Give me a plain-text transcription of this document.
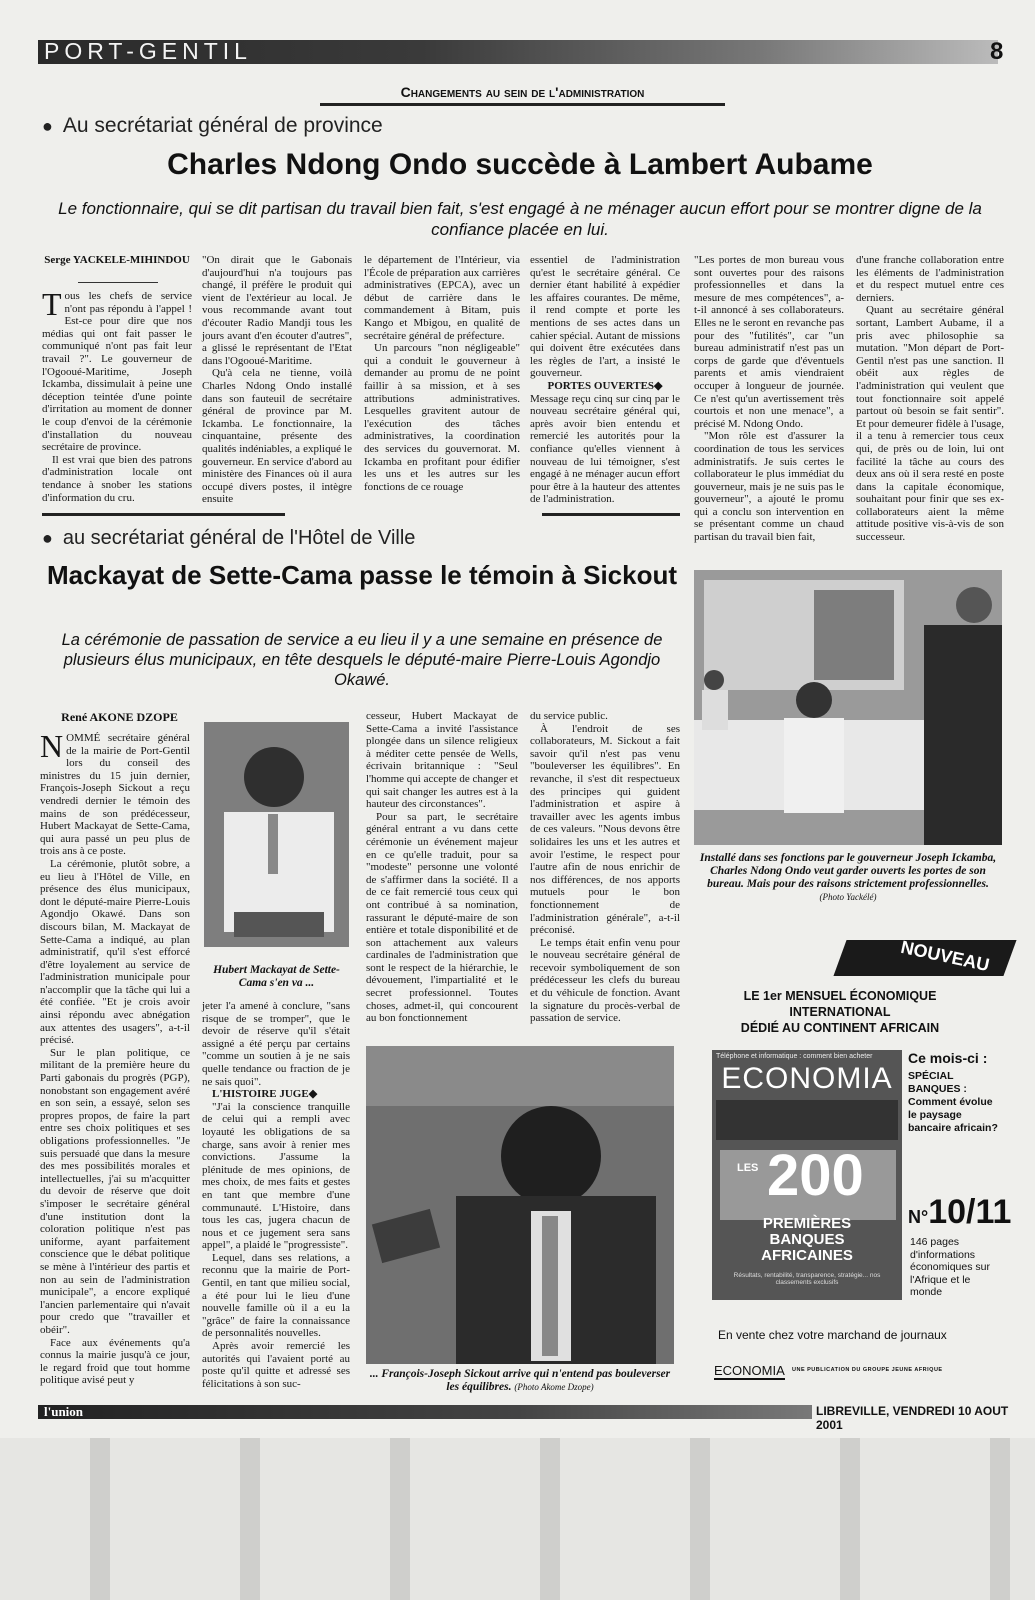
PORT-GENTIL	8
Changements au sein de l'administration
● Au secrétariat général de province
Charles Ndong Ondo succède à Lambert Aubame
Le fonctionnaire, qui se dit partisan du travail bien fait, s'est engagé à ne ménager aucun effort pour se montrer digne de la confiance placée en lui.
Serge YACKELE-MIHINDOU

Tous les chefs de service n'ont pas répondu à l'appel ! Est-ce pour dire que nos médias qui ont fait passer le communiqué n'ont pas fait leur travail ?". Le gouverneur de l'Ogooué-Maritime, Joseph Ickamba, dissimulait à peine une déception teintée d'une pointe d'irritation au moment de donner le coup d'envoi de la cérémonie d'installation du nouveau secrétaire de province.

Il est vrai que bien des patrons d'administration locale ont tendance à snober les stations d'information du cru.

"On dirait que le Gabonais d'aujourd'hui n'a toujours pas changé, il préfère le produit qui vient de l'extérieur au local. Je vous recommande avant tout d'écouter Radio Mandji tous les jours avant d'en écouter d'autres", a glissé le représentant de l'Etat dans l'Ogooué-Maritime.

Qu'à cela ne tienne, voilà Charles Ndong Ondo installé dans son fauteuil de secrétaire général de province par M. Ickamba. Le fonctionnaire, la cinquantaine, présente des qualités indéniables, a expliqué le gouverneur. En service d'abord au ministère des Finances où il aura occupé divers postes, il intègre ensuite

le département de l'Intérieur, via l'École de préparation aux carrières administratives (EPCA), avec un début de carrière dans le commandement à Bitam, puis Kango et Mbigou, en qualité de secrétaire général de préfecture.

Un parcours "non négligeable" qui a conduit le gouverneur à demander au promu de ne point faillir à sa mission, et à ses attributions administratives. Lesquelles gravitent autour de l'exécution des tâches administratives, la coordination des services du gouvernorat. M. Ickamba en profitant pour édifier les uns et les autres sur les fonctions de ce rouage

essentiel de l'administration qu'est le secrétaire général. Ce dernier étant habilité à expédier les affaires courantes. De même, il rend compte et porte les mentions de ses actes dans un cahier spécial. Autant de missions qui doivent être exécutées dans les règles de l'art, a insisté le gouverneur.

PORTES OUVERTES◆

Message reçu cinq sur cinq par le nouveau secrétaire général qui, après avoir bien entendu et remercié les autorités pour la confiance qu'elles viennent à nouveau de lui témoigner, s'est engagé à ne ménager aucun effort pour être à la hauteur des attentes de l'administration.

"Les portes de mon bureau vous sont ouvertes pour des raisons professionnelles et dans la mesure de mes compétences", a-t-il annoncé à ses collaborateurs. Elles ne le seront en revanche pas pour des "futilités", car "un bureau administratif n'est pas un corps de garde que d'éventuels parents et amis viendraient occuper à longueur de journée. Ce n'est qu'un avertissement très courtois et non une menace", a précisé M. Ndong Ondo.

"Mon rôle est d'assurer la coordination de tous les services administratifs. Je suis certes le collaborateur le plus immédiat du gouverneur, mais je ne suis pas le gouverneur", a ajouté le promu qui a conclu son intervention en se présentant comme un chaud partisan du travail bien fait,

d'une franche collaboration entre les éléments de l'administration et du respect mutuel entre ces derniers.

Quant au secrétaire général sortant, Lambert Aubame, il a pris avec philosophie sa mutation. "Mon départ de Port-Gentil n'est pas une sanction. Il obéit aux règles de l'administration qui veulent que tout fonctionnaire soit appelé partout où besoin se fait sentir". Et pour demeurer fidèle à l'usage, il a tenu à remercier tous ceux qui, de près ou de loin, lui ont facilité la tâche au cours des deux ans où il sera resté en poste dans la capitale économique, souhaitant pour finir que ses ex-collaborateurs aient la même attitude positive vis-à-vis de son successeur.

Installé dans ses fonctions par le gouverneur Joseph Ickamba, Charles Ndong Ondo veut garder ouverts les portes de son bureau. Mais pour des raisons strictement professionnelles. (Photo Yackélé)
● au secrétariat général de l'Hôtel de Ville
Mackayat de Sette-Cama passe le témoin à Sickout
La cérémonie de passation de service a eu lieu il y a une semaine en présence de plusieurs élus municipaux, en tête desquels le député-maire Pierre-Louis Agondjo Okawé.
René AKONE DZOPE

NOMMÉ secrétaire général de la mairie de Port-Gentil lors du conseil des ministres du 15 juin dernier, François-Joseph Sickout a reçu vendredi dernier le témoin des mains de son prédécesseur, Hubert Mackayat de Sette-Cama, qui aura passé un peu plus de trois ans à ce poste.

La cérémonie, plutôt sobre, a eu lieu à l'Hôtel de Ville, en présence des élus municipaux, dont le député-maire Pierre-Louis Agondjo Okawé. Dans son discours bilan, M. Mackayat de Sette-Cama a indiqué, au plan administratif, qu'il s'est efforcé d'être loyalement au service de l'administration municipale pour n'accomplir que la tâche qui lui a été confiée. "Et je crois avoir ainsi répondu avec abnégation aux attentes des usagers", a-t-il précisé.

Sur le plan politique, ce militant de la première heure du Parti gabonais du progrès (PGP), nonobstant son engagement avéré en son sein, a essayé, selon ses propres propos, de faire la part entre ses choix politiques et ses obligations professionnelles. "Je suis persuadé que dans la mesure des mes possibilités morales et intellectuelles, j'ai su m'acquitter du devoir de réserve que doit s'imposer le secrétaire général d'une institution dont la coloration politique n'est pas uniforme, ayant parfaitement conscience que le débat politique se mène à l'intérieur des partis et non au sein de l'administration municipale", a encore expliqué l'ancien parlementaire qui n'avait pour credo que "travailler et obéir".

Face aux événements qu'a connus la mairie jusqu'à ce jour, le regard froid que tout homme politique avisé peut y

Hubert Mackayat de Sette-Cama s'en va ...

jeter l'a amené à conclure, "sans risque de se tromper", que le devoir de réserve qu'il s'était assigné a été perçu par certains "comme un soutien à je ne sais quelle tendance ou fraction de je ne sais quoi".

L'HISTOIRE JUGE◆

"J'ai la conscience tranquille de celui qui a rempli avec loyauté les obligations de sa charge, sans avoir à renier mes convictions. J'assume la plénitude de mes opinions, de mes choix, de mes faits et gestes en tant que membre d'une communauté. L'Histoire, dans tous les cas, jugera chacun de nous et ce jugement sera sans appel", a plaidé le "progressiste".

Lequel, dans ses relations, a reconnu que la mairie de Port-Gentil, en tant que milieu social, a été pour lui le lieu d'une nouvelle famille où il a eu la "grâce" de faire la connaissance de personnalités nouvelles.

Après avoir remercié les autorités qui l'avaient porté au poste qu'il quitte et adressé ses félicitations à son suc-

cesseur, Hubert Mackayat de Sette-Cama a invité l'assistance plongée dans un silence religieux à méditer cette pensée de Wells, écrivain britannique : "Seul l'homme qui accepte de changer et qui sait changer les autres est à la hauteur des circonstances".

Pour sa part, le secrétaire général entrant a vu dans cette cérémonie un événement majeur en ce qu'elle traduit, pour sa "modeste" personne une volonté de s'affirmer dans la société. Il a de ce fait remercié tous ceux qui ont contribué à sa nomination, rassurant le député-maire de son entière et totale disponibilité et de son attachement aux valeurs cardinales de l'administration que sont le respect de la hiérarchie, le dévouement, l'impartialité et le secret professionnel. Toutes choses, admet-il, qui concourent au bon fonctionnement

du service public.

À l'endroit de ses collaborateurs, M. Sickout a fait savoir qu'il n'est pas venu "bouleverser les équilibres". En revanche, il s'est dit respectueux des principes qui guident l'administration et aspire à travailler avec les agents imbus de ces valeurs. "Nous devons être solidaires les uns et les autres et avoir l'estime, le respect pour l'autre afin de nous enrichir de nos différences, de nos apports mutuels pour le bon fonctionnement de l'administration générale", a-t-il préconisé.

Le temps était enfin venu pour le nouveau secrétaire général de recevoir symboliquement de son prédécesseur les clefs du bureau et du véhicule de fonction. Avant la signature du procès-verbal de passation de service.

... François-Joseph Sickout arrive qui n'entend pas bouleverser les équilibres. (Photo Akome Dzope)
NOUVEAU
LE 1er MENSUEL ÉCONOMIQUE INTERNATIONAL
DÉDIÉ AU CONTINENT AFRICAIN
Téléphone et informatique : comment bien acheter
ECONOMIA
LES 200
PREMIÈRES
BANQUES
AFRICAINES
Résultats, rentabilité, transparence, stratégie... nos classements exclusifs
Ce mois-ci :
SPÉCIAL BANQUES : Comment évolue le paysage bancaire africain?
N°10/11
146 pages d'informations économiques sur l'Afrique et le monde
En vente chez votre marchand de journaux
ECONOMIA UNE PUBLICATION DU GROUPE JEUNE AFRIQUE
l'union	LIBREVILLE, VENDREDI 10 AOUT 2001
